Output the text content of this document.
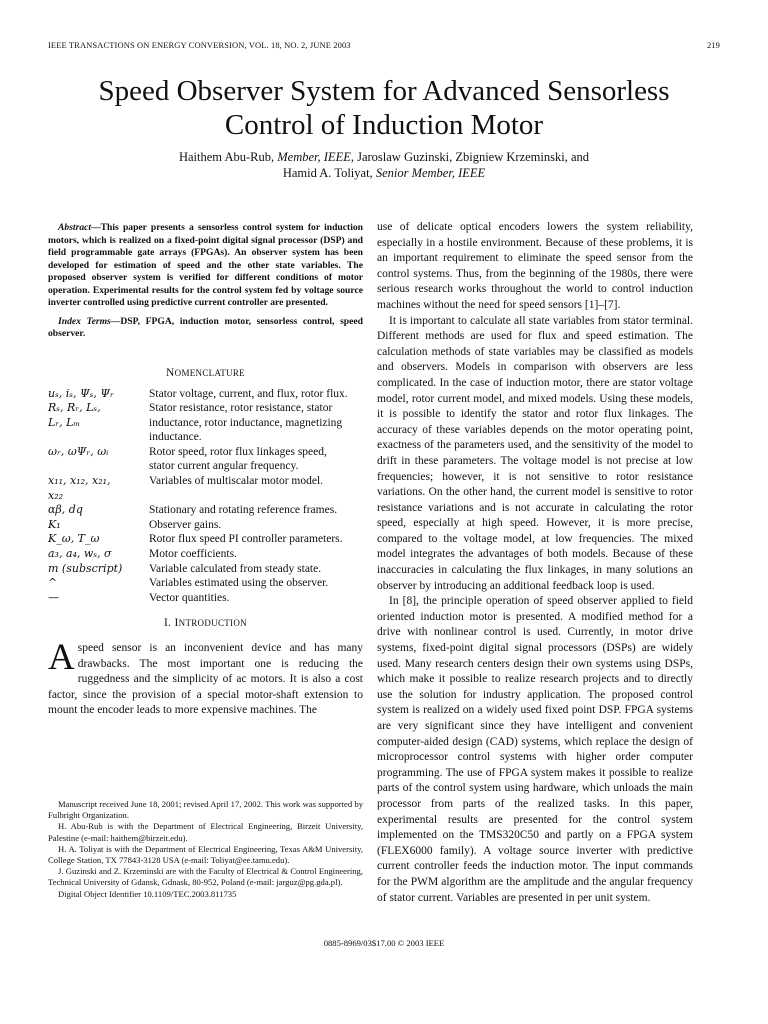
IEEE TRANSACTIONS ON ENERGY CONVERSION, VOL. 18, NO. 2, JUNE 2003	219
Speed Observer System for Advanced Sensorless
Control of Induction Motor
Haithem Abu-Rub, Member, IEEE, Jaroslaw Guzinski, Zbigniew Krzeminski, and
Hamid A. Toliyat, Senior Member, IEEE

Abstract—This paper presents a sensorless control system for induction motors, which is realized on a fixed-point digital signal processor (DSP) and field programmable gate arrays (FPGAs). An observer system has been developed for estimation of speed and the other state variables. The proposed observer system is verified for different conditions of motor operation. Experimental results for the control system fed by voltage source inverter controlled using predictive current controller are presented.

Index Terms—DSP, FPGA, induction motor, sensorless control, speed observer.

NOMENCLATURE
uₛ, iₛ, Ψₛ, Ψᵣ	Stator voltage, current, and flux, rotor flux.
Rₛ, Rᵣ, Lₛ,	Stator resistance, rotor resistance, stator
Lᵣ, Lₘ	inductance, rotor inductance, magnetizing
inductance.
ωᵣ, ωΨᵣ, ωᵢ	Rotor speed, rotor flux linkages speed,
stator current angular frequency.
x₁₁, x₁₂, x₂₁,	Variables of multiscalar motor model.
x₂₂
αβ, dq	Stationary and rotating reference frames.
K₁	Observer gains.
K_ω, T_ω	Rotor flux speed PI controller parameters.
a₃, a₄, wₛ, σ	Motor coefficients.
m (subscript)	Variable calculated from steady state.
^	Variables estimated using the observer.
—	Vector quantities.
I. INTRODUCTION

Aspeed sensor is an inconvenient device and has many drawbacks. The most important one is reducing the ruggedness and the simplicity of ac motors. It is also a cost factor, since the provision of a special motor-shaft extension to mount the encoder leads to more expensive machines. The

Manuscript received June 18, 2001; revised April 17, 2002. This work was supported by Fulbright Organization.

H. Abu-Rub is with the Department of Electrical Engineering, Birzeit University, Palestine (e-mail: haithem@birzeit.edu).

H. A. Toliyat is with the Department of Electrical Engineering, Texas A&M University, College Station, TX 77843-3128 USA (e-mail: Toliyat@ee.tamu.edu).

J. Guzinski and Z. Krzeminski are with the Faculty of Electrical & Control Engineering, Technical University of Gdansk, Gdnask, 80-952, Poland (e-mail: jarguz@pg.gda.pl).

Digital Object Identifier 10.1109/TEC.2003.811735

use of delicate optical encoders lowers the system reliability, especially in a hostile environment. Because of these problems, it is an important requirement to eliminate the speed sensor from the control systems. Thus, from the beginning of the 1980s, there were serious research works throughout the world to control induction machines without the need for speed sensors [1]–[7].

It is important to calculate all state variables from stator terminal. Different methods are used for flux and speed estimation. The calculation methods of state variables may be classified as models and observers. Models in comparison with observers are less complicated. In the case of induction motor, there are stator voltage model, rotor current model, and mixed models. Using these models, it is possible to identify the stator and rotor flux linkages. The accuracy of these variables depends on the motor operating point, exactness of the parameters used, and the sensitivity of the model to drift in these parameters. The voltage model is not precise at low frequencies; however, it is not sensitive to rotor resistance variations. On the other hand, the current model is sensitive to rotor resistance variations and is not accurate in calculating the rotor speed, especially at high speed. However, it is more precise, compared to the voltage model, at low frequencies. The mixed model integrates the advantages of both models. Because of these inaccuracies in calculating the flux linkages, in many solutions an observer by introducing an additional feedback loop is used.

In [8], the principle operation of speed observer applied to field oriented induction motor is presented. A modified method for a drive with nonlinear control is used. Currently, in motor drive systems, fixed-point digital signal processors (DSPs) are widely used. Many research centers design their own systems using DSPs, which make it possible to realize research projects and to directly use the solution for industry application. The proposed control system is realized on a widely used fixed point DSP. FPGA systems are very significant since they have intelligent and convenient computer-aided design (CAD) systems, which replace the design of microprocessor control systems with higher order computer programming. The use of FPGA system makes it possible to realize parts of the control system using hardware, which unloads the main processor from parts of the realized tasks. In this paper, experimental results are presented for the control system implemented on the TMS320C50 and partly on a FPGA system (FLEX6000 family). A voltage source inverter with predictive current controller feeds the induction motor. The input commands for the PWM algorithm are the amplitude and the angular frequency of stator current. Variables are presented in per unit system.

0885-8969/03$17.00 © 2003 IEEE
